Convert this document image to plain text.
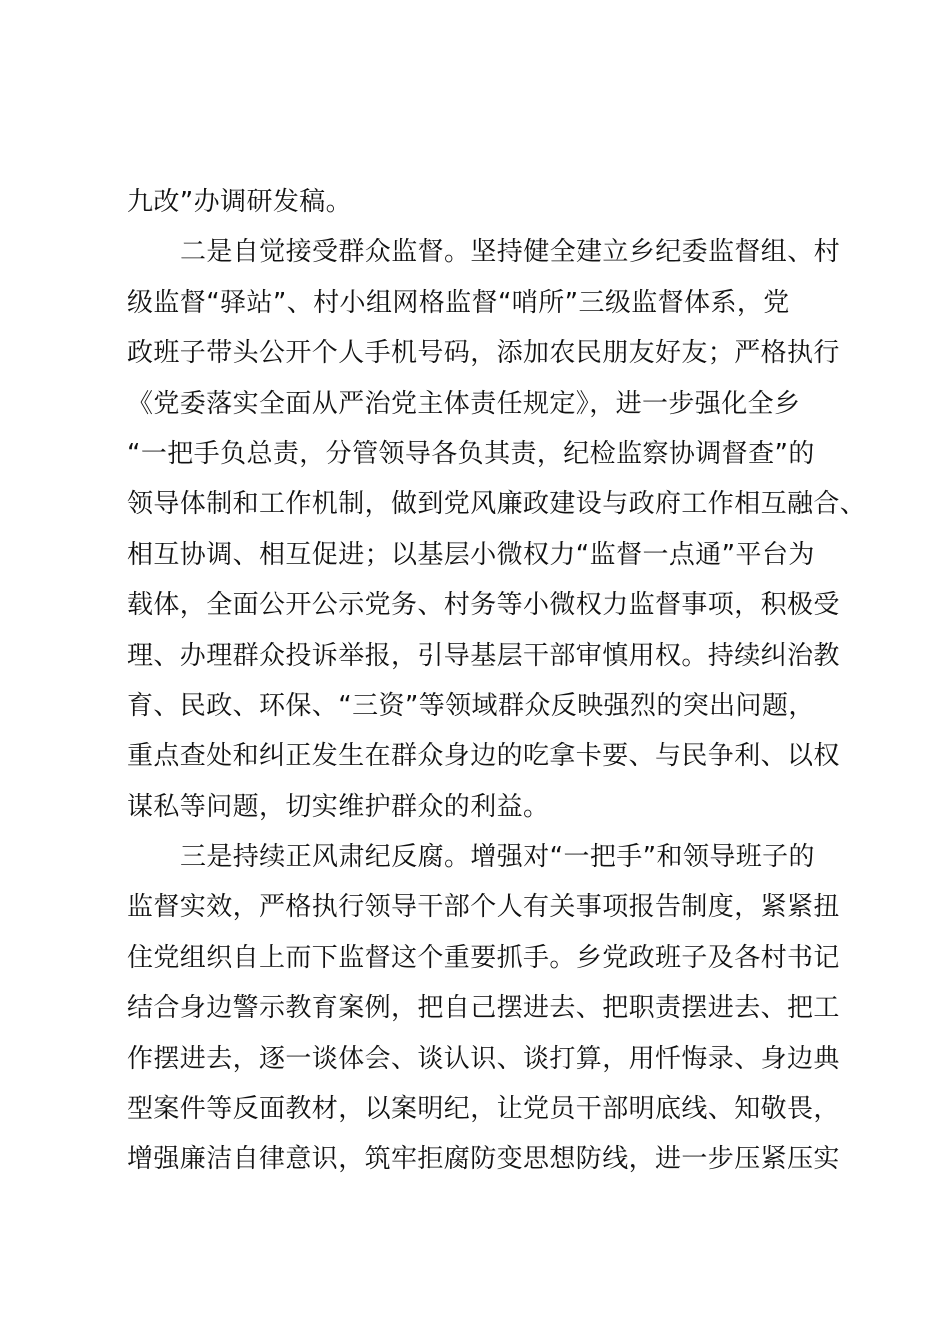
九改”办调研发稿。
二是自觉接受群众监督。坚持健全建立乡纪委监督组、村
级监督“驿站”、村小组网格监督“哨所”三级监督体系，党
政班子带头公开个人手机号码，添加农民朋友好友；严格执行
《党委落实全面从严治党主体责任规定》，进一步强化全乡
“一把手负总责，分管领导各负其责，纪检监察协调督查”的
领导体制和工作机制，做到党风廉政建设与政府工作相互融合、
相互协调、相互促进；以基层小微权力“监督一点通”平台为
载体，全面公开公示党务、村务等小微权力监督事项，积极受
理、办理群众投诉举报，引导基层干部审慎用权。持续纠治教
育、民政、环保、“三资”等领域群众反映强烈的突出问题，
重点查处和纠正发生在群众身边的吃拿卡要、与民争利、以权
谋私等问题，切实维护群众的利益。
三是持续正风肃纪反腐。增强对“一把手”和领导班子的
监督实效，严格执行领导干部个人有关事项报告制度，紧紧扭
住党组织自上而下监督这个重要抓手。乡党政班子及各村书记
结合身边警示教育案例，把自己摆进去、把职责摆进去、把工
作摆进去，逐一谈体会、谈认识、谈打算，用忏悔录、身边典
型案件等反面教材，以案明纪，让党员干部明底线、知敬畏，
增强廉洁自律意识，筑牢拒腐防变思想防线，进一步压紧压实
